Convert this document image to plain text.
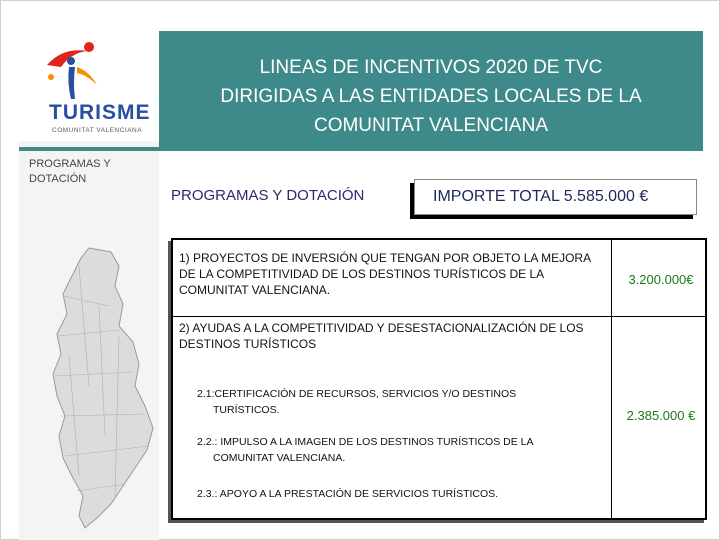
TURISME
COMUNITAT VALENCIANA
PROGRAMAS Y DOTACIÓN
LINEAS DE INCENTIVOS 2020 DE TVC
DIRIGIDAS A LAS ENTIDADES LOCALES DE LA
COMUNITAT VALENCIANA
PROGRAMAS Y DOTACIÓN	IMPORTE TOTAL 5.585.000 €
1) PROYECTOS DE INVERSIÓN QUE TENGAN POR OBJETO LA MEJORA DE LA COMPETITIVIDAD DE LOS DESTINOS TURÍSTICOS DE LA COMUNITAT VALENCIANA.
3.200.000€
2) AYUDAS A LA COMPETITIVIDAD Y DESESTACIONALIZACIÓN DE LOS DESTINOS TURÍSTICOS
2.1:CERTIFICACIÓN DE RECURSOS, SERVICIOS Y/O DESTINOS
TURÍSTICOS.
2.2.: IMPULSO A LA IMAGEN DE LOS DESTINOS TURÍSTICOS DE LA
COMUNITAT VALENCIANA.
2.3.: APOYO A LA PRESTACIÓN DE SERVICIOS TURÍSTICOS.
2.385.000 €
